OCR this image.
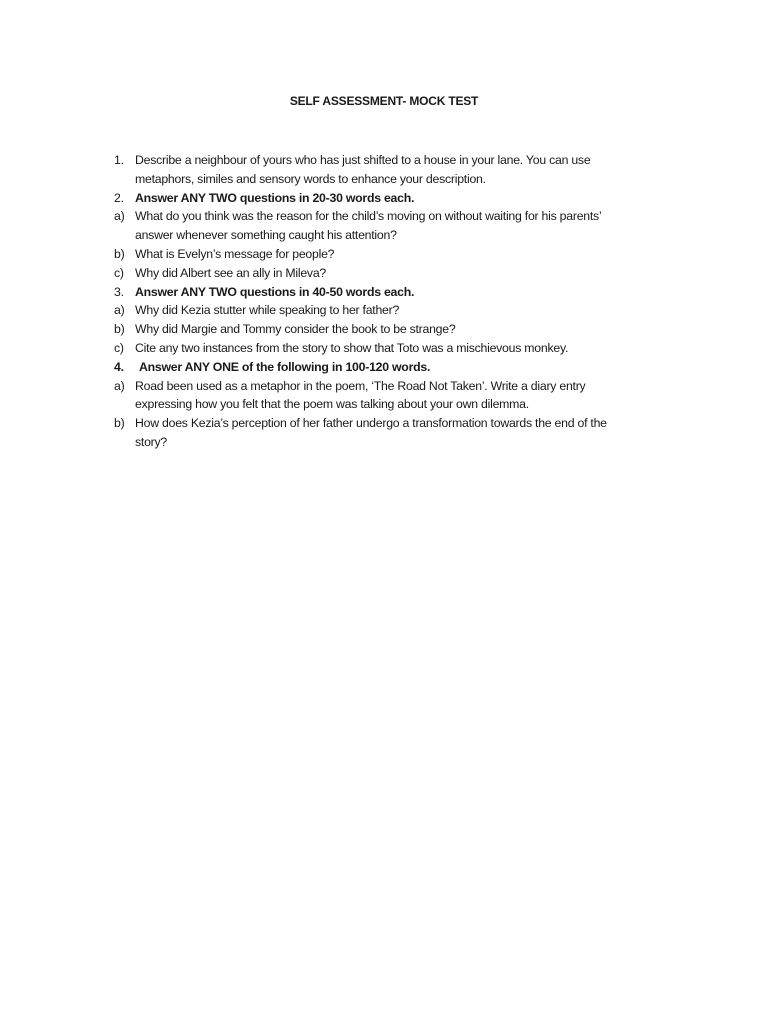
SELF ASSESSMENT- MOCK TEST
1. Describe a neighbour of yours who has just shifted to a house in your lane. You can use
metaphors, similes and sensory words to enhance your description.
2. Answer ANY TWO questions in 20-30 words each.
a) What do you think was the reason for the child’s moving on without waiting for his parents’
answer whenever something caught his attention?
b) What is Evelyn’s message for people?
c) Why did Albert see an ally in Mileva?
3. Answer ANY TWO questions in 40-50 words each.
a) Why did Kezia stutter while speaking to her father?
b) Why did Margie and Tommy consider the book to be strange?
c) Cite any two instances from the story to show that Toto was a mischievous monkey.
4.	Answer ANY ONE of the following in 100-120 words.
a) Road been used as a metaphor in the poem, ‘The Road Not Taken’. Write a diary entry
expressing how you felt that the poem was talking about your own dilemma.
b) How does Kezia’s perception of her father undergo a transformation towards the end of the
story?
